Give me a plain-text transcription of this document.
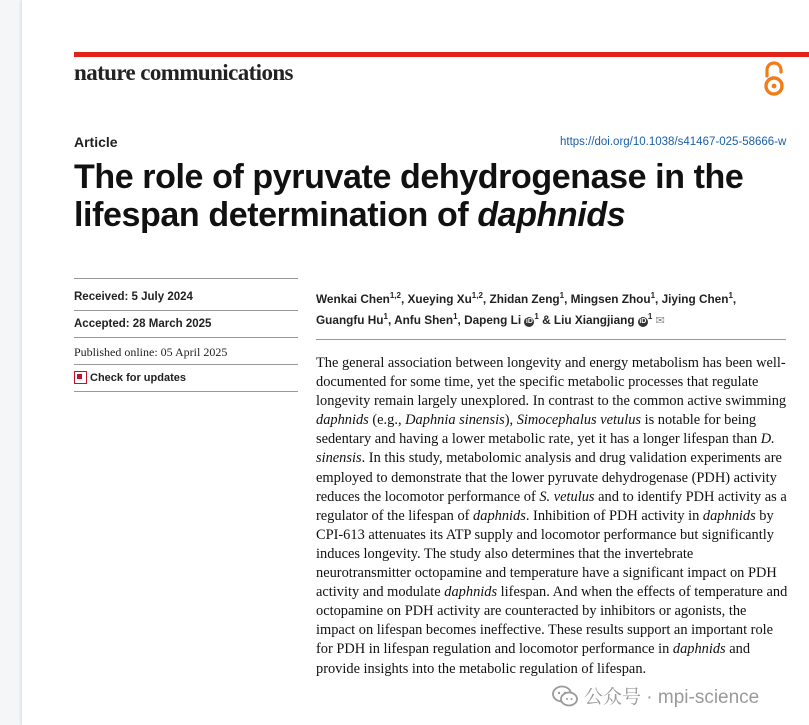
nature communications
Article	https://doi.org/10.1038/s41467-025-58666-w
The role of pyruvate dehydrogenase in the lifespan determination of daphnids
Received: 5 July 2024
Accepted: 28 March 2025
Published online: 05 April 2025
Check for updates

Wenkai Chen$^{1,2}$, Xueying Xu$^{1,2}$, Zhidan Zeng$^1$, Mingsen Zhou$^1$, Jiying Chen$^1$,
Guangfu Hu$^1$, Anfu Shen$^1$, Dapeng Li $iD^1$ & Liu Xiangjiang $iD^1$ ✉

The general association between longevity and energy metabolism has been well-documented for some time, yet the specific metabolic processes that regulate longevity remain largely unexplored. In contrast to the common active swimming daphnids (e.g., Daphnia sinensis), Simocephalus vetulus is notable for being sedentary and having a lower metabolic rate, yet it has a longer lifespan than D. sinensis. In this study, metabolomic analysis and drug validation experiments are employed to demonstrate that the lower pyruvate dehydrogenase (PDH) activity reduces the locomotor performance of S. vetulus and to identify PDH activity as a regulator of the lifespan of daphnids. Inhibition of PDH activity in daphnids by CPI-613 attenuates its ATP supply and locomotor performance but significantly induces longevity. The study also determines that the invertebrate neurotransmitter octopamine and temperature have a significant impact on PDH activity and modulate daphnids lifespan. And when the effects of temperature and octopamine on PDH activity are counteracted by inhibitors or agonists, the impact on lifespan becomes ineffective. These results support an important role for PDH in lifespan regulation and locomotor performance in daphnids and provide insights into the metabolic regulation of lifespan.

公众号 · mpi-science
